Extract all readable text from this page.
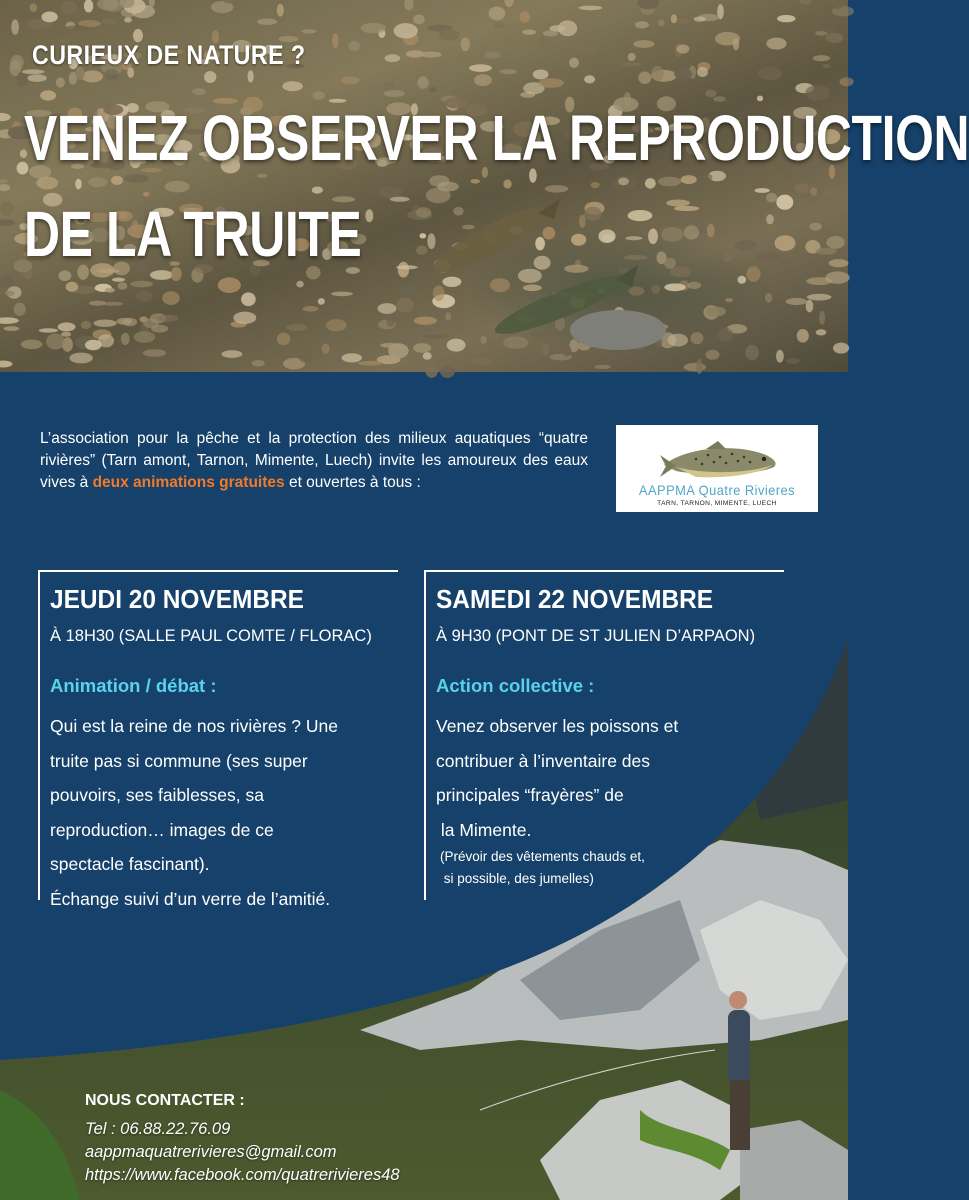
CURIEUX DE NATURE ?
VENEZ OBSERVER LA REPRODUCTION
DE LA TRUITE
L’association pour la pêche et la protection des milieux aquatiques “quatre rivières” (Tarn amont, Tarnon, Mimente, Luech) invite les amoureux des eaux vives à deux animations gratuites et ouvertes à tous :	AAPPMA Quatre Rivieres
TARN, TARNON, MIMENTE, LUECH
JEUDI 20 NOVEMBRE
À 18H30 (SALLE PAUL COMTE / FLORAC)
Animation / débat :
Qui est la reine de nos rivières ? Une
truite pas si commune (ses super
pouvoirs, ses faiblesses, sa
reproduction… images de ce
spectacle fascinant).
Échange suivi d’un verre de l’amitié.
SAMEDI 22 NOVEMBRE
À 9H30 (PONT DE ST JULIEN D’ARPAON)
Action collective :
Venez observer les poissons et
contribuer à l’inventaire des
principales “frayères” de
la Mimente.
(Prévoir des vêtements chauds et,
si possible, des jumelles)
NOUS CONTACTER :
Tel : 06.88.22.76.09
aappmaquatrerivieres@gmail.com
https://www.facebook.com/quatrerivieres48
